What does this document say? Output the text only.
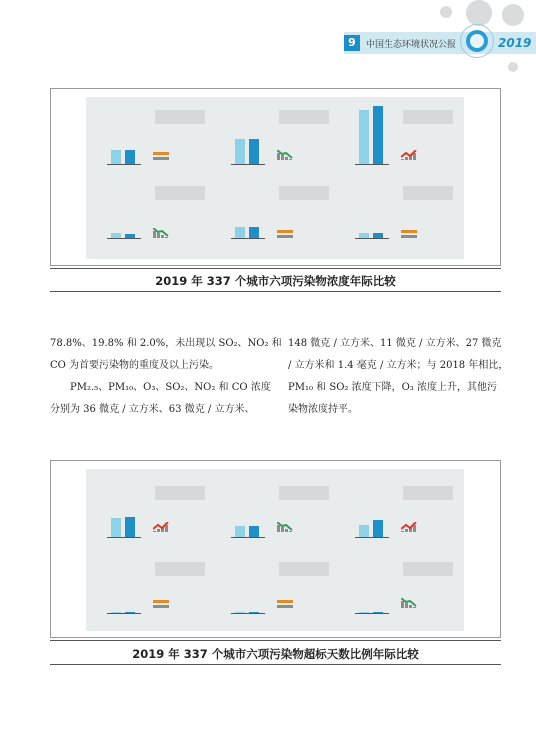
9	中国生态环境状况公报	2019
2019 年 337 个城市六项污染物浓度年际比较
78.8%、19.8% 和 2.0%，未出现以 SO₂、NO₂ 和
CO 为首要污染物的重度及以上污染。
　　PM₂.₅、PM₁₀、O₃、SO₂、NO₂ 和 CO 浓度
分别为 36 微克 / 立方米、63 微克 / 立方米、
148 微克 / 立方米、11 微克 / 立方米、27 微克
/ 立方米和 1.4 毫克 / 立方米；与 2018 年相比，
PM₁₀ 和 SO₂ 浓度下降，O₃ 浓度上升，其他污
染物浓度持平。
2019 年 337 个城市六项污染物超标天数比例年际比较
